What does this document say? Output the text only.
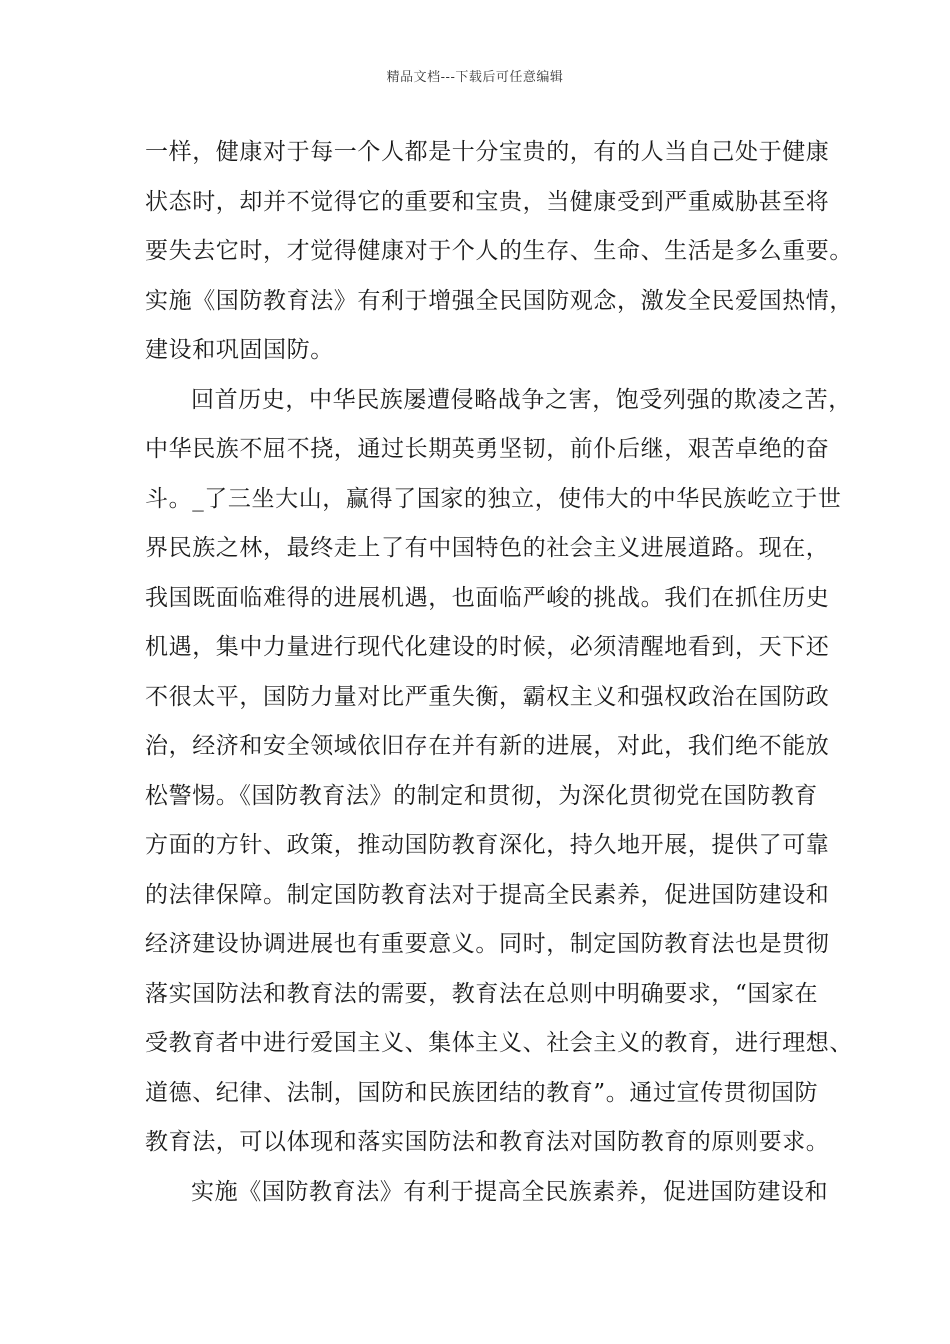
精品文档---下载后可任意编辑
一样，健康对于每一个人都是十分宝贵的，有的人当自己处于健康
状态时，却并不觉得它的重要和宝贵，当健康受到严重威胁甚至将
要失去它时，才觉得健康对于个人的生存、生命、生活是多么重要。
实施《国防教育法》有利于增强全民国防观念，激发全民爱国热情，
建设和巩固国防。
回首历史，中华民族屡遭侵略战争之害，饱受列强的欺凌之苦，
中华民族不屈不挠，通过长期英勇坚韧，前仆后继，艰苦卓绝的奋
斗。_了三坐大山，赢得了国家的独立，使伟大的中华民族屹立于世
界民族之林，最终走上了有中国特色的社会主义进展道路。现在，
我国既面临难得的进展机遇，也面临严峻的挑战。我们在抓住历史
机遇，集中力量进行现代化建设的时候，必须清醒地看到，天下还
不很太平，国防力量对比严重失衡，霸权主义和强权政治在国防政
治，经济和安全领域依旧存在并有新的进展，对此，我们绝不能放
松警惕。《国防教育法》的制定和贯彻，为深化贯彻党在国防教育
方面的方针、政策，推动国防教育深化，持久地开展，提供了可靠
的法律保障。制定国防教育法对于提高全民素养，促进国防建设和
经济建设协调进展也有重要意义。同时，制定国防教育法也是贯彻
落实国防法和教育法的需要，教育法在总则中明确要求，“国家在
受教育者中进行爱国主义、集体主义、社会主义的教育，进行理想、
道德、纪律、法制，国防和民族团结的教育”。通过宣传贯彻国防
教育法，可以体现和落实国防法和教育法对国防教育的原则要求。
实施《国防教育法》有利于提高全民族素养，促进国防建设和
